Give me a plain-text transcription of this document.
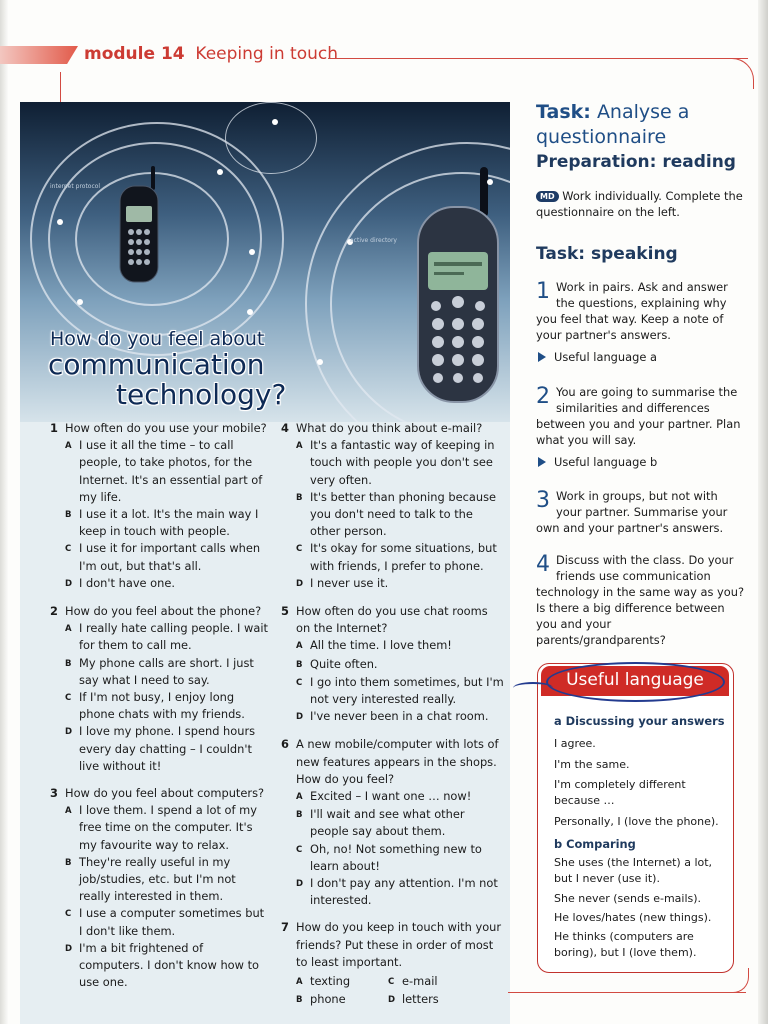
module 14 Keeping in touch
internet protocol
active directory
How do you feel about
communication
technology?
1 How often do you use your mobile?
A I use it all the time – to call people, to take photos, for the Internet. It's an essential part of my life.
B I use it a lot. It's the main way I keep in touch with people.
C I use it for important calls when I'm out, but that's all.
D I don't have one.
2 How do you feel about the phone?
A I really hate calling people. I wait for them to call me.
B My phone calls are short. I just say what I need to say.
C If I'm not busy, I enjoy long phone chats with my friends.
D I love my phone. I spend hours every day chatting – I couldn't live without it!
3 How do you feel about computers?
A I love them. I spend a lot of my free time on the computer. It's my favourite way to relax.
B They're really useful in my job/studies, etc. but I'm not really interested in them.
C I use a computer sometimes but I don't like them.
D I'm a bit frightened of computers. I don't know how to use one.
4 What do you think about e-mail?
A It's a fantastic way of keeping in touch with people you don't see very often.
B It's better than phoning because you don't need to talk to the other person.
C It's okay for some situations, but with friends, I prefer to phone.
D I never use it.
5 How often do you use chat rooms on the Internet?
A All the time. I love them!
B Quite often.
C I go into them sometimes, but I'm not very interested really.
D I've never been in a chat room.
6 A new mobile/computer with lots of new features appears in the shops. How do you feel?
A Excited – I want one … now!
B I'll wait and see what other people say about them.
C Oh, no! Not something new to learn about!
D I don't pay any attention. I'm not interested.
7 How do you keep in touch with your friends? Put these in order of most to least important.
A texting	C e-mail
B phone	D letters
Task: Analyse a questionnaire
Preparation: reading
MD Work individually. Complete the questionnaire on the left.
Task: speaking
1 Work in pairs. Ask and answer the questions, explaining why you feel that way. Keep a note of your partner's answers.
Useful language a
2 You are going to summarise the similarities and differences between you and your partner. Plan what you will say.
Useful language b
3 Work in groups, but not with your partner. Summarise your own and your partner's answers.
4 Discuss with the class. Do your friends use communication technology in the same way as you? Is there a big difference between you and your parents/grandparents?
Useful language
a Discussing your answers
I agree.
I'm the same.
I'm completely different because …
Personally, I (love the phone).
b Comparing
She uses (the Internet) a lot, but I never (use it).
She never (sends e-mails).
He loves/hates (new things).
He thinks (computers are boring), but I (love them).
